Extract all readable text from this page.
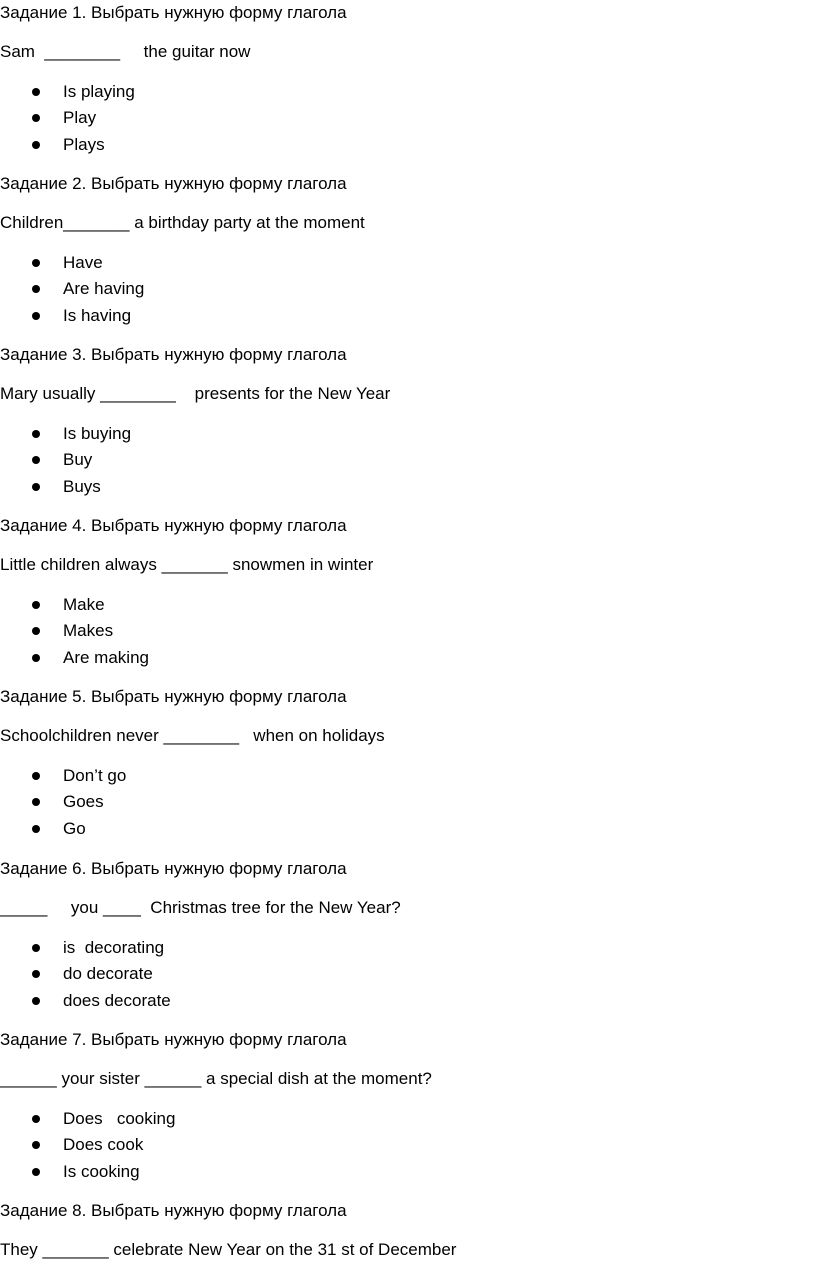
Задание 1. Выбрать нужную форму глагола
Sam  ________     the guitar now
Is playing
Play
Plays
Задание 2. Выбрать нужную форму глагола
Children_______ a birthday party at the moment
Have
Are having
Is having
Задание 3. Выбрать нужную форму глагола
Mary usually ________    presents for the New Year
Is buying
Buy
Buys
Задание 4. Выбрать нужную форму глагола
Little children always _______ snowmen in winter
Make
Makes
Are making
Задание 5. Выбрать нужную форму глагола
Schoolchildren never ________   when on holidays
Don’t go
Goes
Go
Задание 6. Выбрать нужную форму глагола
_____     you ____  Christmas tree for the New Year?
is  decorating
do decorate
does decorate
Задание 7. Выбрать нужную форму глагола
______ your sister ______ a special dish at the moment?
Does   cooking
Does cook
Is cooking
Задание 8. Выбрать нужную форму глагола
They _______ celebrate New Year on the 31 st of December
